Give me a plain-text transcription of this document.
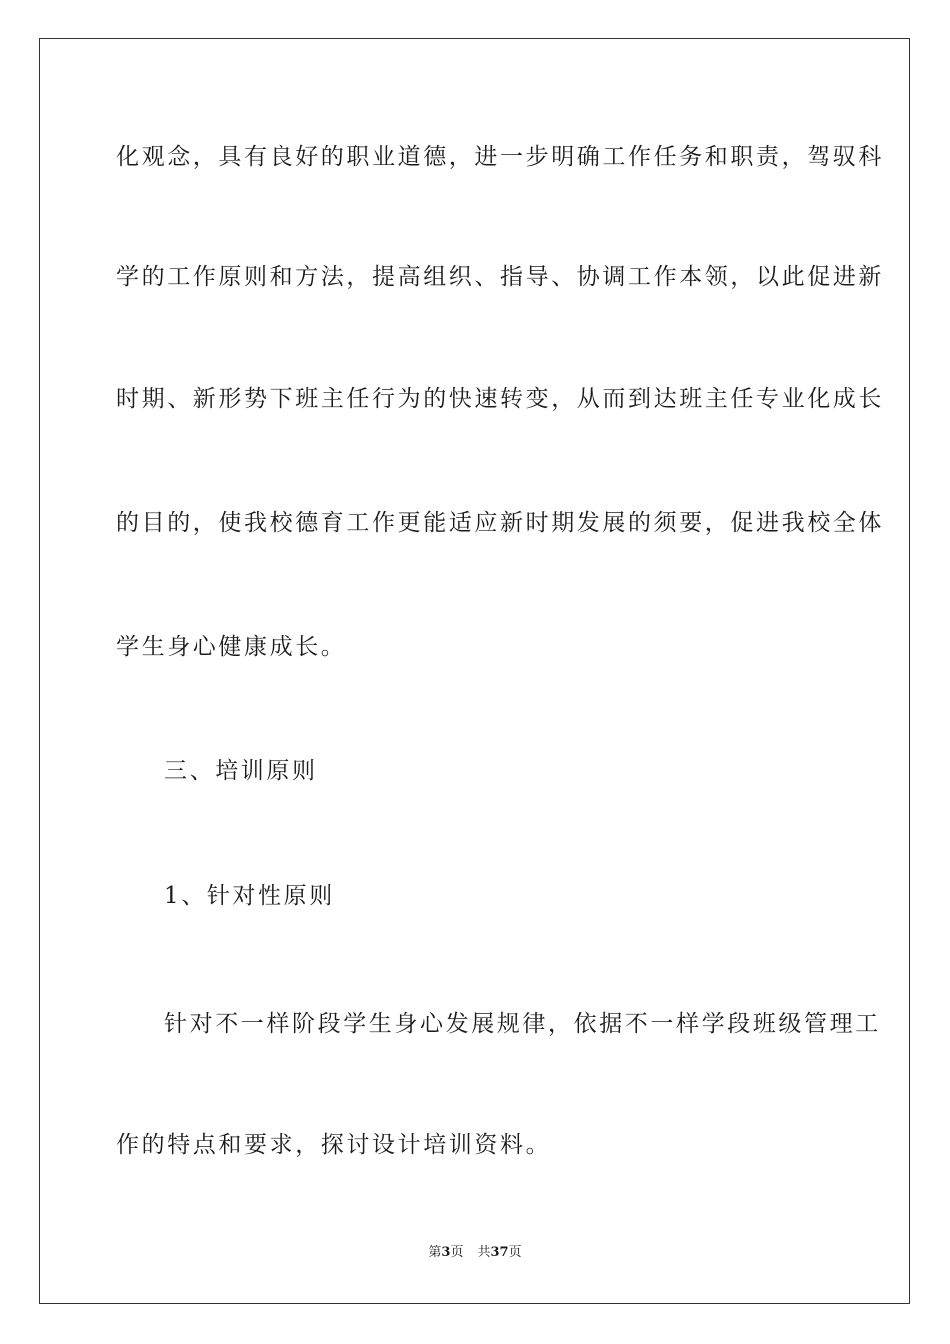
化观念，具有良好的职业道德，进一步明确工作任务和职责，驾驭科
学的工作原则和方法，提高组织、指导、协调工作本领，以此促进新
时期、新形势下班主任行为的快速转变，从而到达班主任专业化成长
的目的，使我校德育工作更能适应新时期发展的须要，促进我校全体
学生身心健康成长。
三、培训原则
1、针对性原则
针对不一样阶段学生身心发展规律，依据不一样学段班级管理工
作的特点和要求，探讨设计培训资料。
第3页 共37页
